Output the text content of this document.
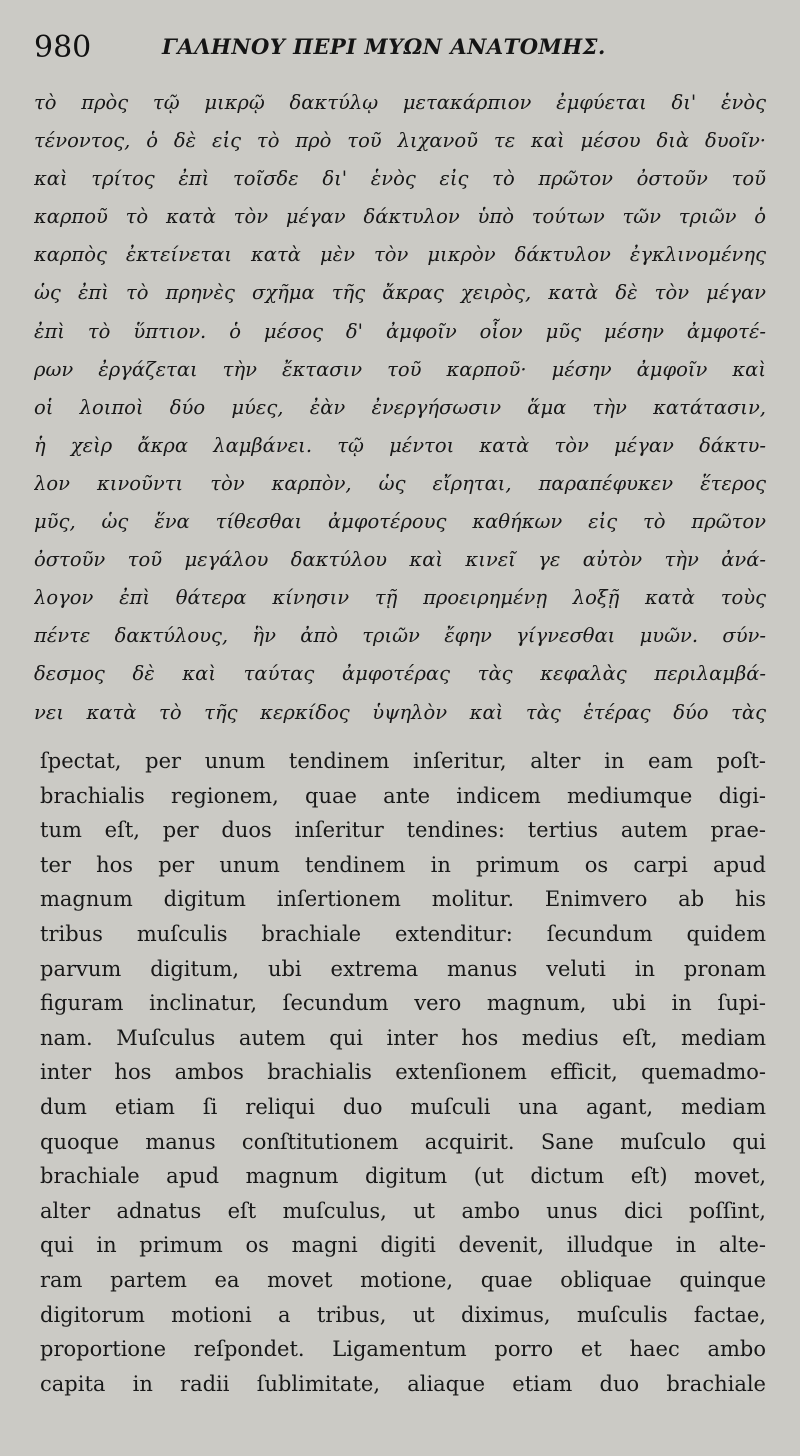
980	ΓΑΛΗΝΟΥ ΠΕΡΙ ΜΥΩΝ ΑΝΑΤΟΜΗΣ.
τὸ πρὸς τῷ μικρῷ δακτύλῳ μετακάρπιον ἐμφύεται δι' ἑνὸς
τένοντος, ὁ δὲ εἰς τὸ πρὸ τοῦ λιχανοῦ τε καὶ μέσου διὰ δυοῖν·
καὶ τρίτος ἐπὶ τοῖσδε δι' ἑνὸς εἰς τὸ πρῶτον ὀστοῦν τοῦ
καρποῦ τὸ κατὰ τὸν μέγαν δάκτυλον ὑπὸ τούτων τῶν τριῶν ὁ
καρπὸς ἐκτείνεται κατὰ μὲν τὸν μικρὸν δάκτυλον ἐγκλινομένης
ὡς ἐπὶ τὸ πρηνὲς σχῆμα τῆς ἄκρας χειρὸς, κατὰ δὲ τὸν μέγαν
ἐπὶ τὸ ὕπτιον. ὁ μέσος δ' ἀμφοῖν οἷον μῦς μέσην ἀμφοτέ-
ρων ἐργάζεται τὴν ἔκτασιν τοῦ καρποῦ· μέσην ἀμφοῖν καὶ
οἱ λοιποὶ δύο μύες, ἐὰν ἐνεργήσωσιν ἅμα τὴν κατάτασιν,
ἡ χεὶρ ἄκρα λαμβάνει. τῷ μέντοι κατὰ τὸν μέγαν δάκτυ-
λον κινοῦντι τὸν καρπὸν, ὡς εἴρηται, παραπέφυκεν ἕτερος
μῦς, ὡς ἕνα τίθεσθαι ἀμφοτέρους καθήκων εἰς τὸ πρῶτον
ὀστοῦν τοῦ μεγάλου δακτύλου καὶ κινεῖ γε αὐτὸν τὴν ἀνά-
λογον ἐπὶ θάτερα κίνησιν τῇ προειρημένῃ λοξῇ κατὰ τοὺς
πέντε δακτύλους, ἣν ἀπὸ τριῶν ἔφην γίγνεσθαι μυῶν. σύν-
δεσμος δὲ καὶ ταύτας ἀμφοτέρας τὰς κεφαλὰς περιλαμβά-
νει κατὰ τὸ τῆς κερκίδος ὑψηλὸν καὶ τὰς ἑτέρας δύο τὰς
ſpectat, per unum tendinem inſeritur, alter in eam poſt-
brachialis regionem, quae ante indicem mediumque digi-
tum eſt, per duos inſeritur tendines: tertius autem prae-
ter hos per unum tendinem in primum os carpi apud
magnum digitum inſertionem molitur. Enimvero ab his
tribus muſculis brachiale extenditur: ſecundum quidem
parvum digitum, ubi extrema manus veluti in pronam
figuram inclinatur, ſecundum vero magnum, ubi in ſupi-
nam. Muſculus autem qui inter hos medius eſt, mediam
inter hos ambos brachialis extenſionem efficit, quemadmo-
dum etiam ſi reliqui duo muſculi una agant, mediam
quoque manus conſtitutionem acquirit. Sane muſculo qui
brachiale apud magnum digitum (ut dictum eſt) movet,
alter adnatus eſt muſculus, ut ambo unus dici poſſint,
qui in primum os magni digiti devenit, illudque in alte-
ram partem ea movet motione, quae obliquae quinque
digitorum motioni a tribus, ut diximus, muſculis factae,
proportione reſpondet. Ligamentum porro et haec ambo
capita in radii ſublimitate, aliaque etiam duo brachiale
